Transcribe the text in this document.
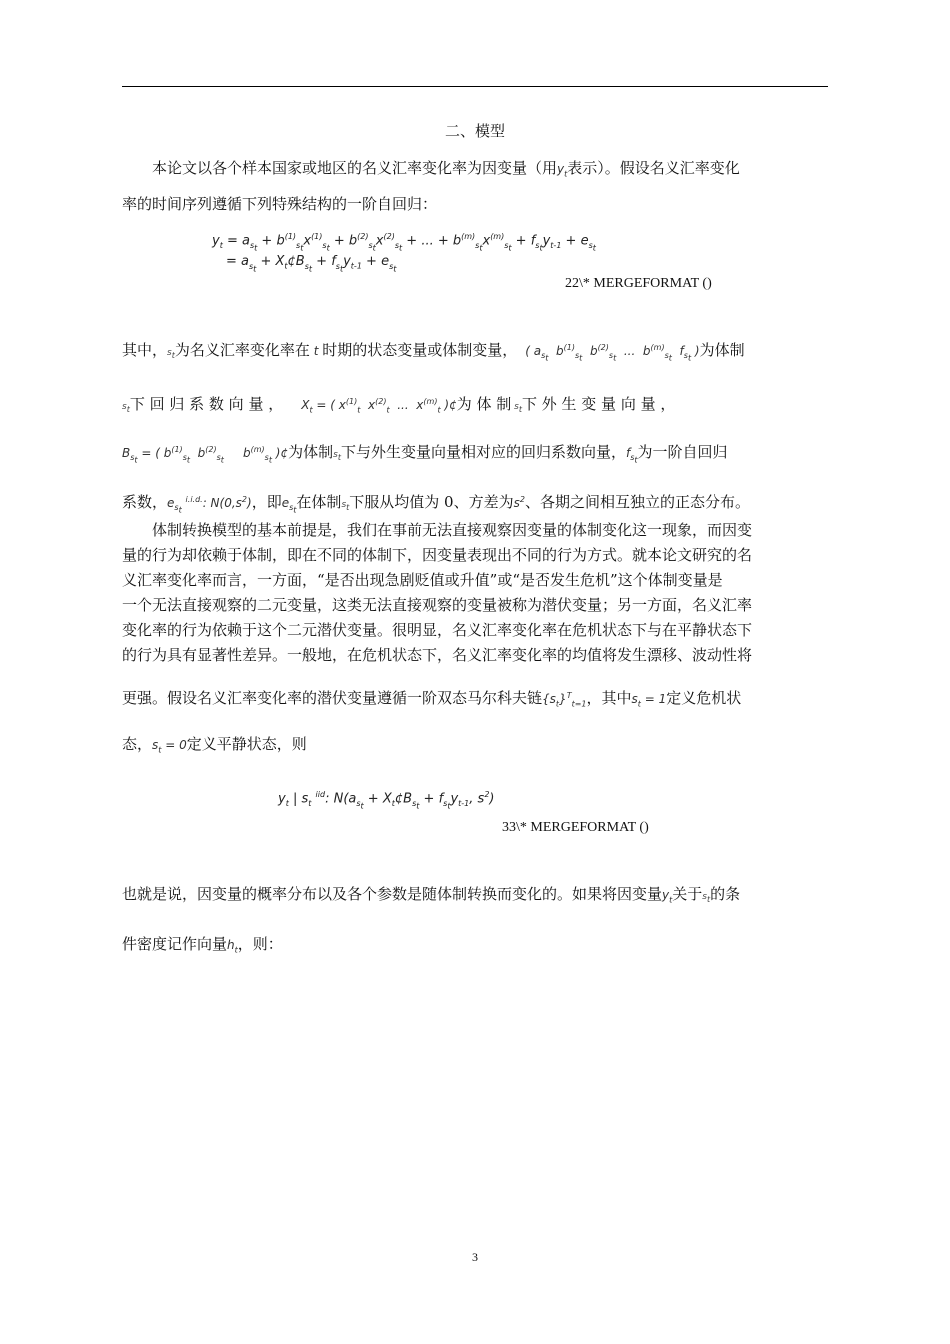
二、模型
本论文以各个样本国家或地区的名义汇率变化率为因变量（用$y_t$表示）。假设名义汇率变化
率的时间序列遵循下列特殊结构的一阶自回归：
$y_t = a_{s_t} + b^{(1)}_{s_t}x^{(1)}_{s_t} + b^{(2)}_{s_t}x^{(2)}_{s_t}$ + ... + $b^{(m)}_{s_t}x^{(m)}_{s_t} + f_{s_t}y_{t-1} + e_{s_t}$
= $a_{s_t}$ + $X_t¢B_{s_t} + f_{s_t}y_{t-1} + e_{s_t}$
22\* MERGEFORMAT ()
其中，$s_t$为名义汇率变化率在 t 时期的状态变量或体制变量， ( $a_{s_t}$  $b^{(1)}_{s_t}$  $b^{(2)}_{s_t}$  ...  $b^{(m)}_{s_t}$  $f_{s_t}$ )为体制
$s_t$下 回 归 系 数 向 量 ， $X_t$ = ( $x^{(1)}_t$  $x^{(2)}_t$  ...  $x^{(m)}_t$ )¢为 体 制 $s_t$下 外 生 变 量 向 量 ，
$B_{s_t}$ = ( $b^{(1)}_{s_t}$  $b^{(2)}_{s_t}$     $b^{(m)}_{s_t}$ )¢为体制$s_t$下与外生变量向量相对应的回归系数向量，$f_{s_t}$为一阶自回归
系数，$e_{s_t}$ $^{i.i.d.}$: $N(0,s^2)$，即$e_{s_t}$在体制$s_t$下服从均值为 0、方差为$s^2$、各期之间相互独立的正态分布。
体制转换模型的基本前提是，我们在事前无法直接观察因变量的体制变化这一现象，而因变
量的行为却依赖于体制，即在不同的体制下，因变量表现出不同的行为方式。就本论文研究的名
义汇率变化率而言，一方面，“是否出现急剧贬值或升值”或“是否发生危机”这个体制变量是
一个无法直接观察的二元变量，这类无法直接观察的变量被称为潜伏变量；另一方面，名义汇率
变化率的行为依赖于这个二元潜伏变量。很明显，名义汇率变化率在危机状态下与在平静状态下
的行为具有显著性差异。一般地，在危机状态下，名义汇率变化率的均值将发生漂移、波动性将
更强。假设名义汇率变化率的潜伏变量遵循一阶双态马尔科夫链$\{s_t\}^T_{t=1}$，其中$s_t = 1$定义危机状
态，$s_t = 0$定义平静状态，则
$y_t$ | $s_t$ $^{iid}$: $N(a_{s_t}$ + $X_t¢B_{s_t} + f_{s_t}y_{t-1}$, $s^2$)
33\* MERGEFORMAT ()
也就是说，因变量的概率分布以及各个参数是随体制转换而变化的。如果将因变量$y_t$关于$s_t$的条
件密度记作向量$h_t$，则：
3
